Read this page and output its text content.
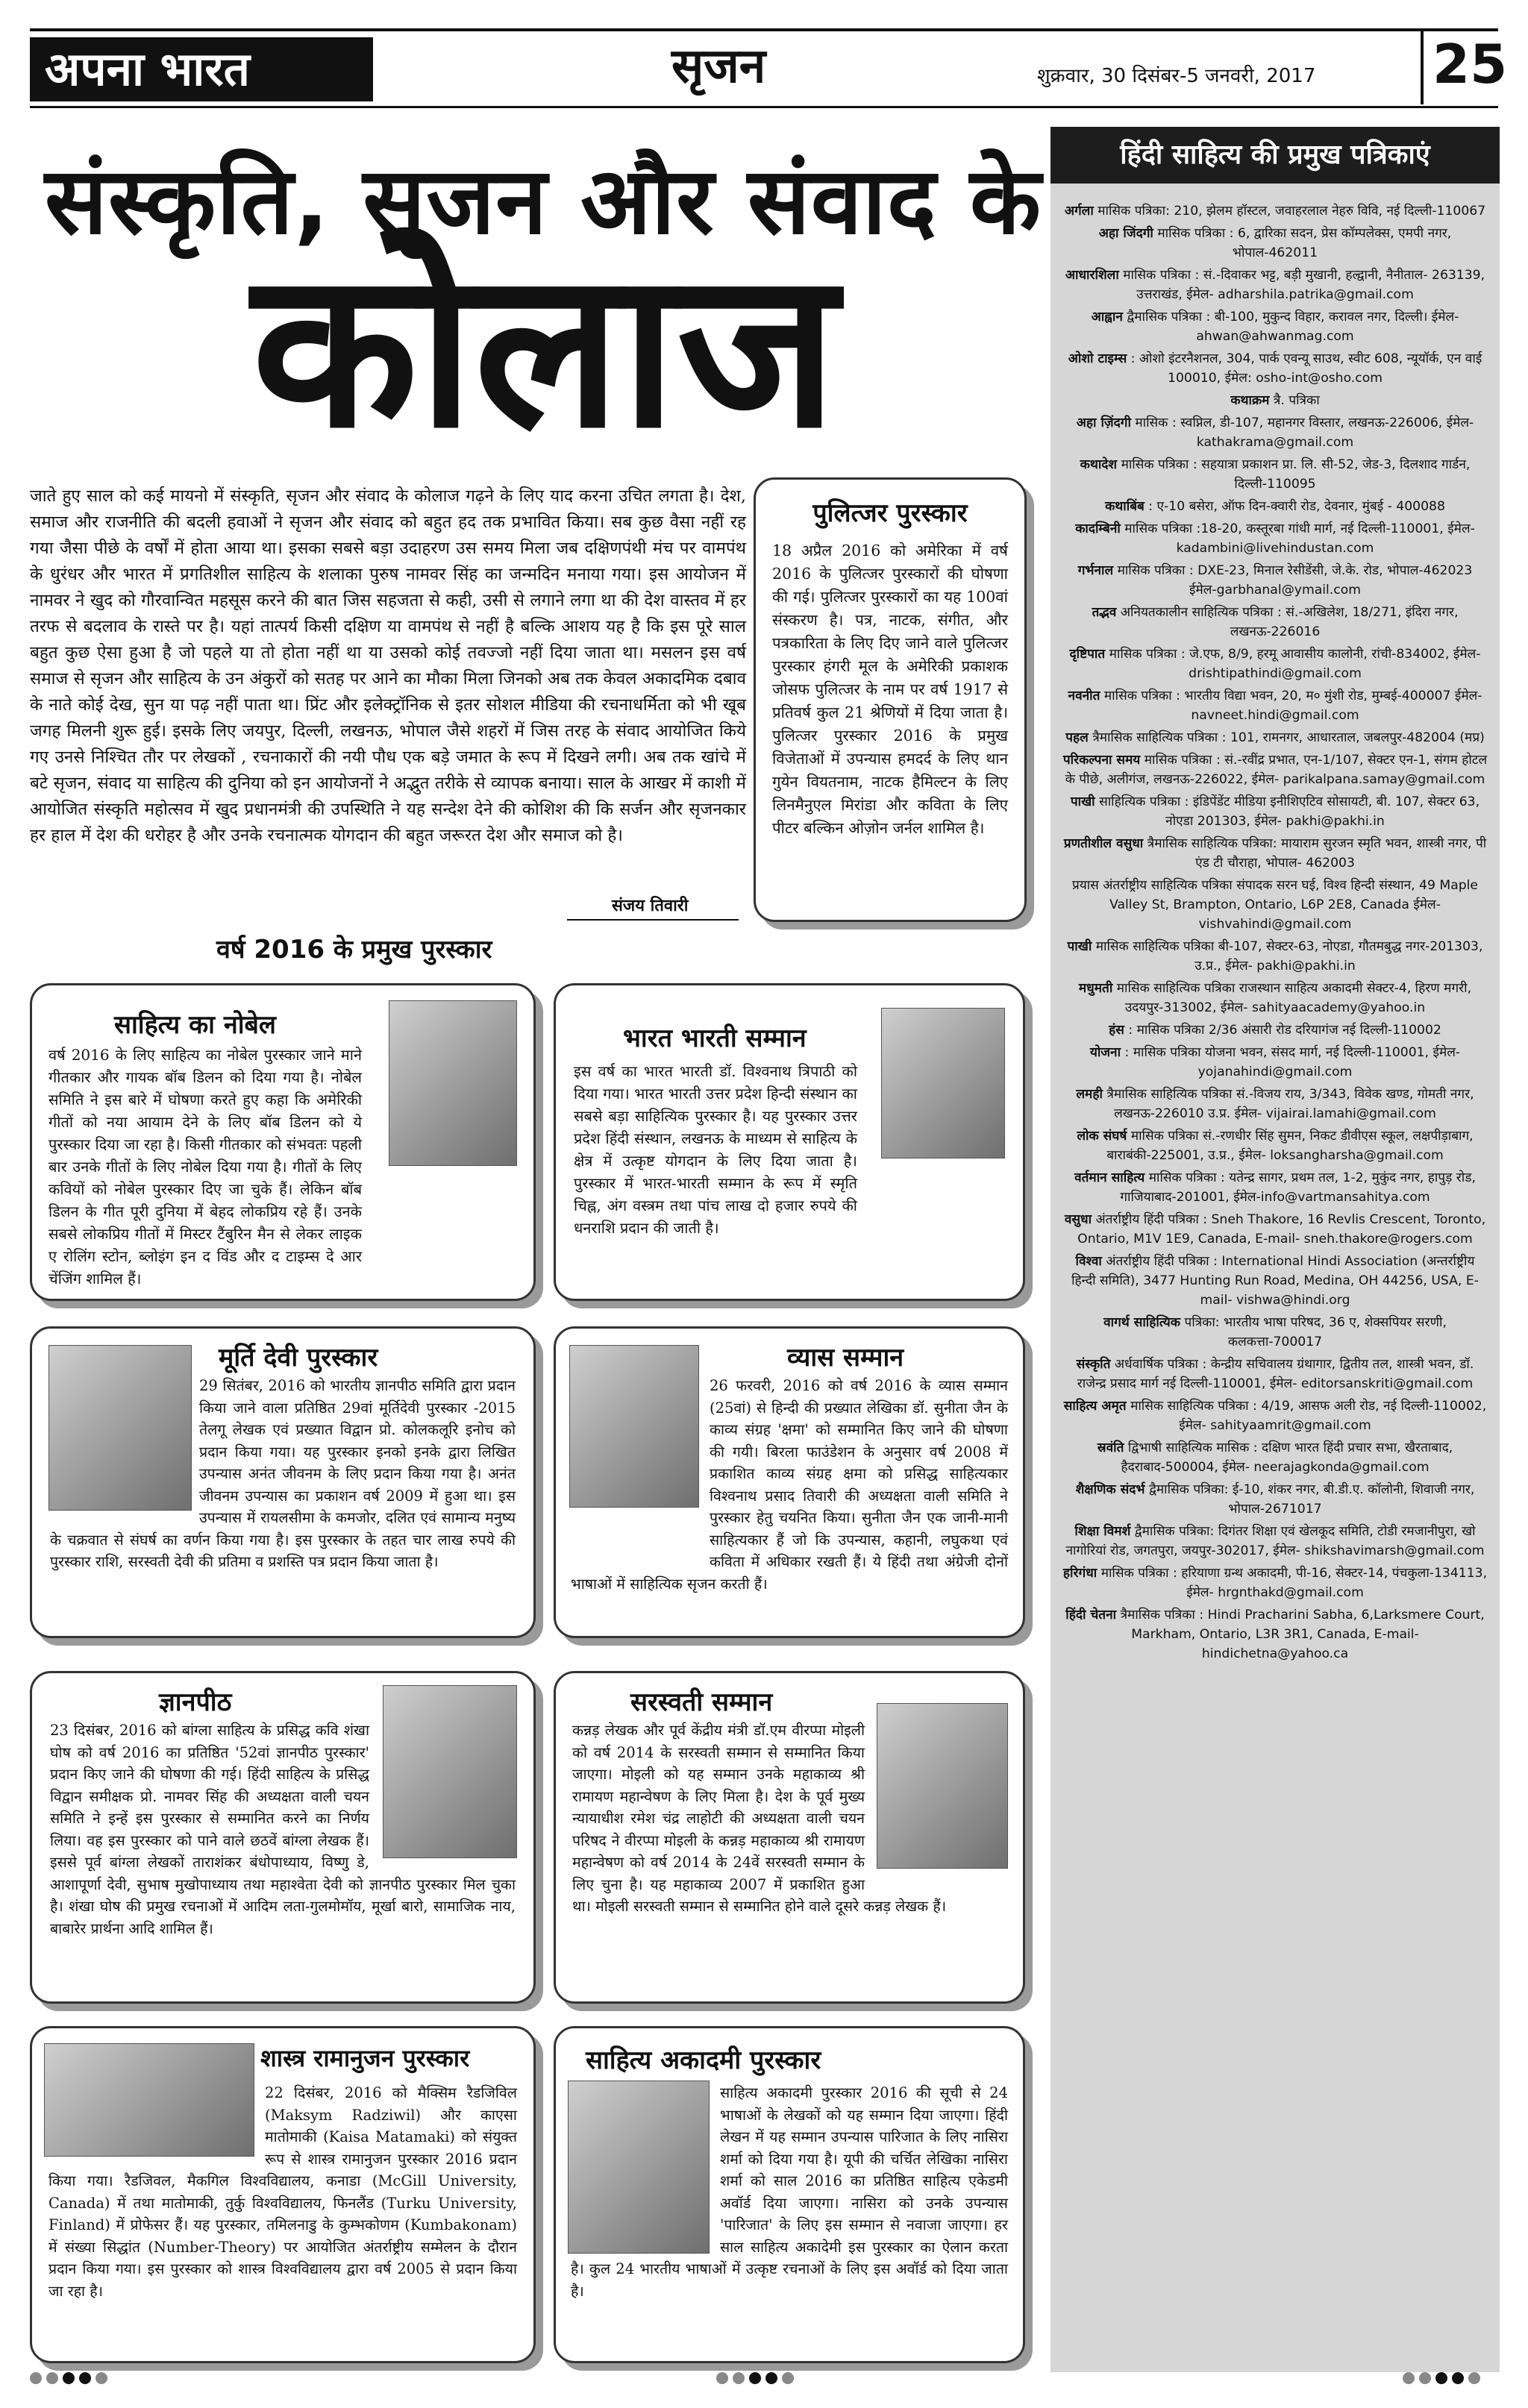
अपना भारत	सृजन	शुक्रवार, 30 दिसंबर-5 जनवरी, 2017 25
संस्कृति, सृजन और संवाद के
कोलाज
जाते हुए साल को कई मायनो में संस्कृति, सृजन और संवाद के कोलाज गढ़ने के लिए याद करना उचित लगता है। देश, समाज और राजनीति की बदली हवाओं ने सृजन और संवाद को बहुत हद तक प्रभावित किया। सब कुछ वैसा नहीं रह गया जैसा पीछे के वर्षों में होता आया था। इसका सबसे बड़ा उदाहरण उस समय मिला जब दक्षिणपंथी मंच पर वामपंथ के धुरंधर और भारत में प्रगतिशील साहित्य के शलाका पुरुष नामवर सिंह का जन्मदिन मनाया गया। इस आयोजन में नामवर ने खुद को गौरवान्वित महसूस करने की बात जिस सहजता से कही, उसी से लगाने लगा था की देश वास्तव में हर तरफ से बदलाव के रास्ते पर है। यहां तात्पर्य किसी दक्षिण या वामपंथ से नहीं है बल्कि आशय यह है कि इस पूरे साल बहुत कुछ ऐसा हुआ है जो पहले या तो होता नहीं था या उसको कोई तवज्जो नहीं दिया जाता था। मसलन इस वर्ष समाज से सृजन और साहित्य के उन अंकुरों को सतह पर आने का मौका मिला जिनको अब तक केवल अकादमिक दबाव के नाते कोई देख, सुन या पढ़ नहीं पाता था। प्रिंट और इलेक्ट्रॉनिक से इतर सोशल मीडिया की रचनाधर्मिता को भी खूब जगह मिलनी शुरू हुई। इसके लिए जयपुर, दिल्ली, लखनऊ, भोपाल जैसे शहरों में जिस तरह के संवाद आयोजित किये गए उनसे निश्चित तौर पर लेखकों , रचनाकारों की नयी पौध एक बड़े जमात के रूप में दिखने लगी। अब तक खांचे में बटे सृजन, संवाद या साहित्य की दुनिया को इन आयोजनों ने अद्भुत तरीके से व्यापक बनाया। साल के आखर में काशी में आयोजित संस्कृति महोत्सव में खुद प्रधानमंत्री की उपस्थिति ने यह सन्देश देने की कोशिश की कि सर्जन और सृजनकार हर हाल में देश की धरोहर है और उनके रचनात्मक योगदान की बहुत जरूरत देश और समाज को है।
संजय तिवारी
पुलित्जर पुरस्कार
18 अप्रैल 2016 को अमेरिका में वर्ष 2016 के पुलित्जर पुरस्कारों की घोषणा की गई। पुलित्जर पुरस्कारों का यह 100वां संस्करण है। पत्र, नाटक, संगीत, और पत्रकारिता के लिए दिए जाने वाले पुलित्जर पुरस्कार हंगरी मूल के अमेरिकी प्रकाशक जोसफ पुलित्जर के नाम पर वर्ष 1917 से प्रतिवर्ष कुल 21 श्रेणियों में दिया जाता है। पुलित्जर पुरस्कार 2016 के प्रमुख विजेताओं में उपन्यास हमदर्द के लिए थान गुयेन वियतनाम, नाटक हैमिल्टन के लिए लिनमैनुएल मिरांडा और कविता के लिए पीटर बल्किन ओज़ोन जर्नल शामिल है।
वर्ष 2016 के प्रमुख पुरस्कार
साहित्य का नोबेल
वर्ष 2016 के लिए साहित्य का नोबेल पुरस्कार जाने माने गीतकार और गायक बॉब डिलन को दिया गया है। नोबेल समिति ने इस बारे में घोषणा करते हुए कहा कि अमेरिकी गीतों को नया आयाम देने के लिए बॉब डिलन को ये पुरस्कार दिया जा रहा है। किसी गीतकार को संभवतः पहली बार उनके गीतों के लिए नोबेल दिया गया है। गीतों के लिए कवियों को नोबेल पुरस्कार दिए जा चुके हैं। लेकिन बॉब डिलन के गीत पूरी दुनिया में बेहद लोकप्रिय रहे हैं। उनके सबसे लोकप्रिय गीतों में मिस्टर टैंबुरिन मैन से लेकर लाइक ए रोलिंग स्टोन, ब्लोइंग इन द विंड और द टाइम्स दे आर चेंजिंग शामिल हैं।
भारत भारती सम्मान
इस वर्ष का भारत भारती डॉ. विश्वनाथ त्रिपाठी को दिया गया। भारत भारती उत्तर प्रदेश हिन्दी संस्थान का सबसे बड़ा साहित्यिक पुरस्कार है। यह पुरस्कार उत्तर प्रदेश हिंदी संस्थान, लखनऊ के माध्यम से साहित्य के क्षेत्र में उत्कृष्ट योगदान के लिए दिया जाता है। पुरस्कार में भारत-भारती सम्मान के रूप में स्मृति चिह्न, अंग वस्त्रम तथा पांच लाख दो हजार रुपये की धनराशि प्रदान की जाती है।
मूर्ति देवी पुरस्कार
29 सितंबर, 2016 को भारतीय ज्ञानपीठ समिति द्वारा प्रदान किया जाने वाला प्रतिष्ठित 29वां मूर्तिदेवी पुरस्कार -2015 तेलगू लेखक एवं प्रख्यात विद्वान प्रो. कोलकलूरि इनोच को प्रदान किया गया। यह पुरस्कार इनको इनके द्वारा लिखित उपन्यास अनंत जीवनम के लिए प्रदान किया गया है। अनंत जीवनम उपन्यास का प्रकाशन वर्ष 2009 में हुआ था। इस उपन्यास में रायलसीमा के कमजोर, दलित एवं सामान्य मनुष्य के चक्रवात से संघर्ष का वर्णन किया गया है। इस पुरस्कार के तहत चार लाख रुपये की पुरस्कार राशि, सरस्वती देवी की प्रतिमा व प्रशस्ति पत्र प्रदान किया जाता है।
व्यास सम्मान
26 फरवरी, 2016 को वर्ष 2016 के व्यास सम्मान (25वां) से हिन्दी की प्रख्यात लेखिका डॉ. सुनीता जैन के काव्य संग्रह 'क्षमा' को सम्मानित किए जाने की घोषणा की गयी। बिरला फाउंडेशन के अनुसार वर्ष 2008 में प्रकाशित काव्य संग्रह क्षमा को प्रसिद्ध साहित्यकार विश्वनाथ प्रसाद तिवारी की अध्यक्षता वाली समिति ने पुरस्कार हेतु चयनित किया। सुनीता जैन एक जानी-मानी साहित्यकार हैं जो कि उपन्यास, कहानी, लघुकथा एवं कविता में अधिकार रखती हैं। ये हिंदी तथा अंग्रेजी दोनों भाषाओं में साहित्यिक सृजन करती हैं।
ज्ञानपीठ
23 दिसंबर, 2016 को बांग्ला साहित्य के प्रसिद्ध कवि शंखा घोष को वर्ष 2016 का प्रतिष्ठित '52वां ज्ञानपीठ पुरस्कार' प्रदान किए जाने की घोषणा की गई। हिंदी साहित्य के प्रसिद्ध विद्वान समीक्षक प्रो. नामवर सिंह की अध्यक्षता वाली चयन समिति ने इन्हें इस पुरस्कार से सम्मानित करने का निर्णय लिया। वह इस पुरस्कार को पाने वाले छठवें बांग्ला लेखक हैं। इससे पूर्व बांग्ला लेखकों ताराशंकर बंधोपाध्याय, विष्णु डे, आशापूर्णा देवी, सुभाष मुखोपाध्याय तथा महाश्वेता देवी को ज्ञानपीठ पुरस्कार मिल चुका है। शंखा घोष की प्रमुख रचनाओं में आदिम लता-गुलमोमॉय, मूर्खा बारो, सामाजिक नाय, बाबारेर प्रार्थना आदि शामिल हैं।
सरस्वती सम्मान
कन्नड़ लेखक और पूर्व केंद्रीय मंत्री डॉ.एम वीरप्पा मोइली को वर्ष 2014 के सरस्वती सम्मान से सम्मानित किया जाएगा। मोइली को यह सम्मान उनके महाकाव्य श्री रामायण महान्वेषण के लिए मिला है। देश के पूर्व मुख्य न्यायाधीश रमेश चंद्र लाहोटी की अध्यक्षता वाली चयन परिषद ने वीरप्पा मोइली के कन्नड़ महाकाव्य श्री रामायण महान्वेषण को वर्ष 2014 के 24वें सरस्वती सम्मान के लिए चुना है। यह महाकाव्य 2007 में प्रकाशित हुआ था। मोइली सरस्वती सम्मान से सम्मानित होने वाले दूसरे कन्नड़ लेखक हैं।
शास्त्र रामानुजन पुरस्कार
22 दिसंबर, 2016 को मैक्सिम रैडजिविल (Maksym Radziwil) और काएसा माताेमाकी (Kaisa Matamaki) को संयुक्त रूप से शास्त्र रामानुजन पुरस्कार 2016 प्रदान किया गया। रैडजिवल, मैकगिल विश्वविद्यालय, कनाडा (McGill University, Canada) में तथा माताेमाकी, तुर्कु विश्वविद्यालय, फिनलैंड (Turku University, Finland) में प्रोफेसर हैं। यह पुरस्कार, तमिलनाडु के कुम्भकोणम (Kumbakonam) में संख्या सिद्धांत (Number-Theory) पर आयोजित अंतर्राष्ट्रीय सम्मेलन के दौरान प्रदान किया गया। इस पुरस्कार को शास्त्र विश्वविद्यालय द्वारा वर्ष 2005 से प्रदान किया जा रहा है।
साहित्य अकादमी पुरस्कार
साहित्य अकादमी पुरस्कार 2016 की सूची से 24 भाषाओं के लेखकों को यह सम्मान दिया जाएगा। हिंदी लेखन में यह सम्मान उपन्यास पारिजात के लिए नासिरा शर्मा को दिया गया है। यूपी की चर्चित लेखिका नासिरा शर्मा को साल 2016 का प्रतिष्ठित साहित्य एकेडमी अवॉर्ड दिया जाएगा। नासिरा को उनके उपन्यास 'पारिजात' के लिए इस सम्मान से नवाजा जाएगा। हर साल साहित्य अकादेमी इस पुरस्कार का ऐलान करता है। कुल 24 भारतीय भाषाओं में उत्कृष्ट रचनाओं के लिए इस अवॉर्ड को दिया जाता है।
हिंदी साहित्य की प्रमुख पत्रिकाएं
अर्गला मासिक पत्रिका: 210, झेलम हॉस्टल, जवाहरलाल नेहरु विवि, नई दिल्ली-110067
अहा जिंदगी मासिक पत्रिका : 6, द्वारिका सदन, प्रेस कॉम्पलेक्स, एमपी नगर, भोपाल-462011
आधारशिला मासिक पत्रिका : सं.-दिवाकर भट्ट, बड़ी मुखानी, हल्द्वानी, नैनीताल- 263139, उत्तराखंड, ईमेल- adharshila.patrika@gmail.com
आह्वान द्वैमासिक पत्रिका : बी-100, मुकुन्द विहार, करावल नगर, दिल्ली। ईमेल-ahwan@ahwanmag.com
ओशो टाइम्स : ओशो इंटरनैशनल, 304, पार्क एवन्यू साउथ, स्वीट 608, न्यूयॉर्क, एन वाई 100010, ईमेल: osho-int@osho.com
कथाक्रम त्रै. पत्रिका
अहा ज़िंदगी मासिक : स्वप्निल, डी-107, महानगर विस्तार, लखनऊ-226006, ईमेल- kathakrama@gmail.com
कथादेश मासिक पत्रिका : सहयात्रा प्रकाशन प्रा. लि. सी-52, जेड-3, दिलशाद गार्डन, दिल्ली-110095
कथाबिंब : ए-10 बसेरा, ऑफ दिन-क्वारी रोड, देवनार, मुंबई - 400088
कादम्बिनी मासिक पत्रिका :18-20, कस्तूरबा गांधी मार्ग, नई दिल्ली-110001, ईमेल-kadambini@livehindustan.com
गर्भनाल मासिक पत्रिका : DXE-23, मिनाल रेसीडेंसी, जे.के. रोड, भोपाल-462023 ईमेल-garbhanal@ymail.com
तद्भव अनियतकालीन साहित्यिक पत्रिका : सं.-अखिलेश, 18/271, इंदिरा नगर, लखनऊ-226016
दृष्टिपात मासिक पत्रिका : जे.एफ, 8/9, हरमू आवासीय कालोनी, रांची-834002, ईमेल- drishtipathindi@gmail.com
नवनीत मासिक पत्रिका : भारतीय विद्या भवन, 20, म० मुंशी रोड, मुम्बई-400007 ईमेल- navneet.hindi@gmail.com
पहल त्रैमासिक साहित्यिक पत्रिका : 101, रामनगर, आधारताल, जबलपुर-482004 (मप्र)
परिकल्पना समय मासिक पत्रिका : सं.-रवींद्र प्रभात, एन-1/107, सेक्टर एन-1, संगम होटल के पीछे, अलीगंज, लखनऊ-226022, ईमेल- parikalpana.samay@gmail.com
पाखी साहित्यिक पत्रिका : इंडिपेंडेंट मीडिया इनीशिएटिव सोसायटी, बी. 107, सेक्टर 63, नोएडा 201303, ईमेल- pakhi@pakhi.in
प्रणतीशील वसुधा त्रैमासिक साहित्यिक पत्रिका: मायाराम सुरजन स्मृति भवन, शास्त्री नगर, पी एंड टी चौराहा, भोपाल- 462003
प्रयास अंतर्राष्ट्रीय साहित्यिक पत्रिका संपादक सरन घई, विश्व हिन्दी संस्थान, 49 Maple Valley St, Brampton, Ontario, L6P 2E8, Canada ईमेल- vishvahindi@gmail.com
पाखी मासिक साहित्यिक पत्रिका बी-107, सेक्टर-63, नोएडा, गौतमबुद्ध नगर-201303, उ.प्र., ईमेल- pakhi@pakhi.in
मधुमती मासिक साहित्यिक पत्रिका राजस्थान साहित्य अकादमी सेक्टर-4, हिरण मगरी, उदयपुर-313002, ईमेल- sahityaacademy@yahoo.in
हंस : मासिक पत्रिका 2/36 अंसारी रोड दरियागंज नई दिल्ली-110002
योजना : मासिक पत्रिका योजना भवन, संसद मार्ग, नई दिल्ली-110001, ईमेल- yojanahindi@gmail.com
लमही त्रैमासिक साहित्यिक पत्रिका सं.-विजय राय, 3/343, विवेक खण्ड, गोमती नगर, लखनऊ-226010 उ.प्र. ईमेल- vijairai.lamahi@gmail.com
लोक संघर्ष मासिक पत्रिका सं.-रणधीर सिंह सुमन, निकट डीवीएस स्कूल, लक्षपीड़ाबाग, बाराबंकी-225001, उ.प्र., ईमेल- loksangharsha@gmail.com
वर्तमान साहित्य मासिक पत्रिका : यतेन्द्र सागर, प्रथम तल, 1-2, मुकुंद नगर, हापुड़ रोड, गाजियाबाद-201001, ईमेल-info@vartmansahitya.com
वसुधा अंतर्राष्ट्रीय हिंदी पत्रिका : Sneh Thakore, 16 Revlis Crescent, Toronto, Ontario, M1V 1E9, Canada, E-mail- sneh.thakore@rogers.com
विश्वा अंतर्राष्ट्रीय हिंदी पत्रिका : International Hindi Association (अन्तर्राष्ट्रीय हिन्दी समिति), 3477 Hunting Run Road, Medina, OH 44256, USA, E-mail- vishwa@hindi.org
वागर्थ साहित्यिक पत्रिका: भारतीय भाषा परिषद, 36 ए, शेक्सपियर सरणी, कलकत्ता-700017
संस्कृति अर्धवार्षिक पत्रिका : केन्द्रीय सचिवालय ग्रंथागार, द्वितीय तल, शास्त्री भवन, डॉ. राजेन्द्र प्रसाद मार्ग नई दिल्ली-110001, ईमेल- editorsanskriti@gmail.com
साहित्य अमृत मासिक साहित्यिक पत्रिका : 4/19, आसफ अली रोड, नई दिल्ली-110002, ईमेल- sahityaamrit@gmail.com
स्रवंति द्विभाषी साहित्यिक मासिक : दक्षिण भारत हिंदी प्रचार सभा, खैरताबाद, हैदराबाद-500004, ईमेल- neerajagkonda@gmail.com
शैक्षणिक संदर्भ द्वैमासिक पत्रिका: ई-10, शंकर नगर, बी.डी.ए. कॉलोनी, शिवाजी नगर, भोपाल-2671017
शिक्षा विमर्श द्वैमासिक पत्रिका: दिगंतर शिक्षा एवं खेलकूद समिति, टोडी रमजानीपुरा, खो नागोरियां रोड, जगतपुरा, जयपुर-302017, ईमेल- shikshavimarsh@gmail.com
हरिगंधा मासिक पत्रिका : हरियाणा ग्रन्थ अकादमी, पी-16, सेक्टर-14, पंचकुला-134113, ईमेल- hrgnthakd@gmail.com
हिंदी चेतना त्रैमासिक पत्रिका : Hindi Pracharini Sabha, 6,Larksmere Court, Markham, Ontario, L3R 3R1, Canada, E-mail- hindichetna@yahoo.ca
